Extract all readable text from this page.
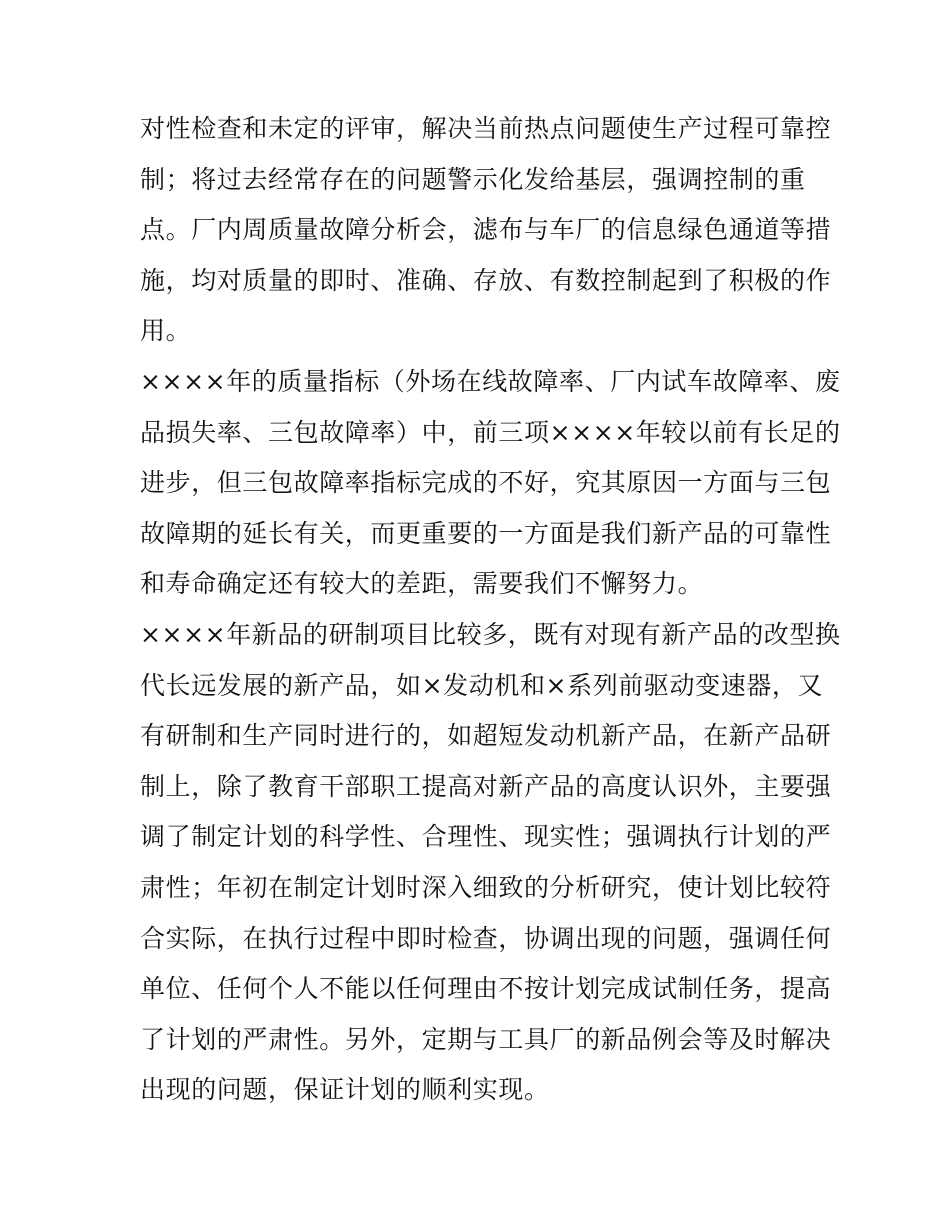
对性检查和未定的评审，解决当前热点问题使生产过程可靠控
制；将过去经常存在的问题警示化发给基层，强调控制的重
点。厂内周质量故障分析会，滤布与车厂的信息绿色通道等措
施，均对质量的即时、准确、存放、有数控制起到了积极的作
用。
××××年的质量指标（外场在线故障率、厂内试车故障率、废
品损失率、三包故障率）中，前三项××××年较以前有长足的
进步，但三包故障率指标完成的不好，究其原因一方面与三包
故障期的延长有关，而更重要的一方面是我们新产品的可靠性
和寿命确定还有较大的差距，需要我们不懈努力。
××××年新品的研制项目比较多，既有对现有新产品的改型换
代长远发展的新产品，如×发动机和×系列前驱动变速器，又
有研制和生产同时进行的，如超短发动机新产品，在新产品研
制上，除了教育干部职工提高对新产品的高度认识外，主要强
调了制定计划的科学性、合理性、现实性；强调执行计划的严
肃性；年初在制定计划时深入细致的分析研究，使计划比较符
合实际，在执行过程中即时检查，协调出现的问题，强调任何
单位、任何个人不能以任何理由不按计划完成试制任务，提高
了计划的严肃性。另外，定期与工具厂的新品例会等及时解决
出现的问题，保证计划的顺利实现。
